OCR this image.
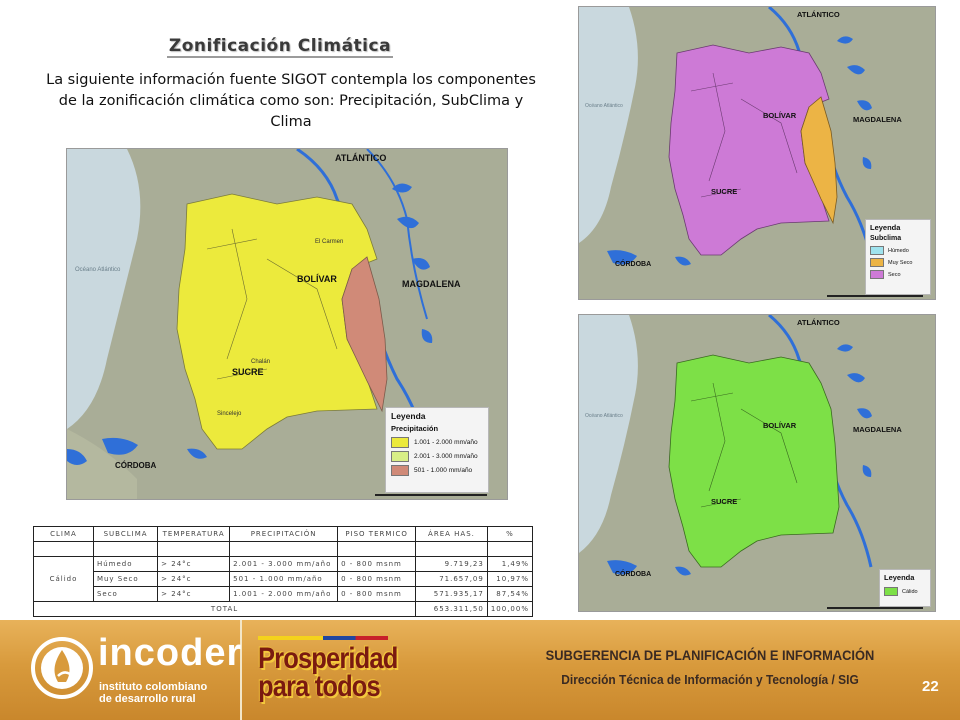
Zonificación Climática
La siguiente información fuente SIGOT contempla los componentes de la zonificación climática como son: Precipitación, SubClima y Clima
ATLÁNTICO
MAGDALENA
BOLÍVAR
SUCRE
CÓRDOBA
Océano Atlántico
El Carmen
Sincelejo
Chalán
Leyenda
Precipitación
1.001 - 2.000 mm/año
2.001 - 3.000 mm/año
501 - 1.000 mm/año
ATLÁNTICO
MAGDALENA
BOLÍVAR
SUCRE
CÓRDOBA
Océano Atlántico
Leyenda
Subclima
Húmedo
Muy Seco
Seco
ATLÁNTICO
MAGDALENA
BOLÍVAR
SUCRE
CÓRDOBA
Océano Atlántico
Leyenda
Cálido
CLIMA	SUBCLIMA	TEMPERATURA	PRECIPITACIÓN	PISO TERMICO	ÁREA HAS.	%

Cálido	Húmedo	> 24°c	2.001 - 3.000 mm/año	0 - 800 msnm	9.719,23	1,49%
	Muy Seco	> 24°c	501 - 1.000 mm/año	0 - 800 msnm	71.657,09	10,97%
	Seco	> 24°c	1.001 - 2.000 mm/año	0 - 800 msnm	571.935,17	87,54%
TOTAL					653.311,50	100,00%
incoder
instituto colombiano
de desarrollo rural
Prosperidad
para todos
SUBGERENCIA DE PLANIFICACIÓN E INFORMACIÓN
Dirección Técnica de Información y Tecnología / SIG	22
